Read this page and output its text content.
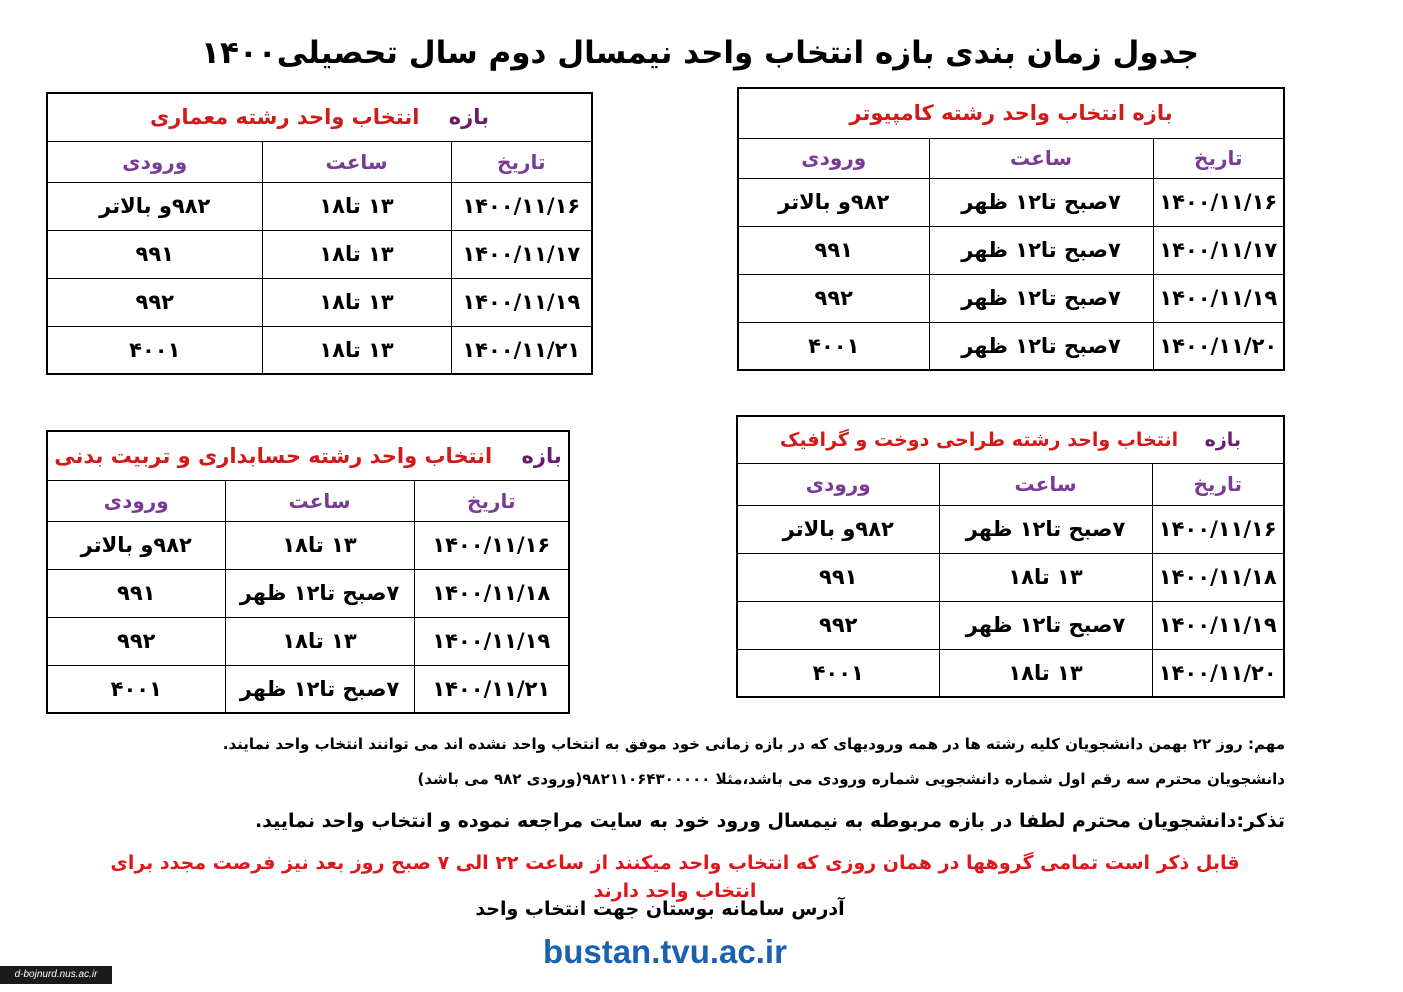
جدول زمان بندی بازه انتخاب واحد نیمسال دوم سال تحصیلی۱۴۰۰
بازه انتخاب واحد رشته کامپیوتر		
تاریخ	ساعت	ورودی
۱۴۰۰/۱۱/۱۶	۷صبح تا۱۲ ظهر	۹۸۲و بالاتر
۱۴۰۰/۱۱/۱۷	۷صبح تا۱۲ ظهر	۹۹۱
۱۴۰۰/۱۱/۱۹	۷صبح تا۱۲ ظهر	۹۹۲
۱۴۰۰/۱۱/۲۰	۷صبح تا۱۲ ظهر	۴۰۰۱
بازه    انتخاب واحد رشته معماری		
تاریخ	ساعت	ورودی
۱۴۰۰/۱۱/۱۶	۱۳ تا۱۸	۹۸۲و بالاتر
۱۴۰۰/۱۱/۱۷	۱۳ تا۱۸	۹۹۱
۱۴۰۰/۱۱/۱۹	۱۳ تا۱۸	۹۹۲
۱۴۰۰/۱۱/۲۱	۱۳ تا۱۸	۴۰۰۱
بازه    انتخاب واحد رشته طراحی دوخت و گرافیک		
تاریخ	ساعت	ورودی
۱۴۰۰/۱۱/۱۶	۷صبح تا۱۲ ظهر	۹۸۲و بالاتر
۱۴۰۰/۱۱/۱۸	۱۳ تا۱۸	۹۹۱
۱۴۰۰/۱۱/۱۹	۷صبح تا۱۲ ظهر	۹۹۲
۱۴۰۰/۱۱/۲۰	۱۳ تا۱۸	۴۰۰۱
بازه    انتخاب واحد رشته حسابداری و تربیت بدنی		
تاریخ	ساعت	ورودی
۱۴۰۰/۱۱/۱۶	۱۳ تا۱۸	۹۸۲و بالاتر
۱۴۰۰/۱۱/۱۸	۷صبح تا۱۲ ظهر	۹۹۱
۱۴۰۰/۱۱/۱۹	۱۳ تا۱۸	۹۹۲
۱۴۰۰/۱۱/۲۱	۷صبح تا۱۲ ظهر	۴۰۰۱
مهم: روز ۲۲ بهمن دانشجویان کلیه رشته ها در همه ورودیهای که در بازه زمانی خود موفق به انتخاب واحد نشده اند می توانند انتخاب واحد نمایند.
دانشجویان محترم سه رقم اول شماره دانشجویی شماره ورودی می باشد،مثلا ۹۸۲۱۱۰۶۴۳۰۰۰۰۰(ورودی ۹۸۲ می باشد)
تذکر:دانشجویان محترم لطفا در بازه مربوطه به نیمسال ورود خود به سایت مراجعه نموده و انتخاب واحد نمایید.
قابل ذکر است تمامی گروهها در همان روزی که انتخاب واحد میکنند از ساعت ۲۲ الی ۷ صبح روز بعد نیز فرصت مجدد برای انتخاب واحد دارند
آدرس سامانه بوستان جهت انتخاب واحد
bustan.tvu.ac.ir
d-bojnurd.nus.ac.ir
